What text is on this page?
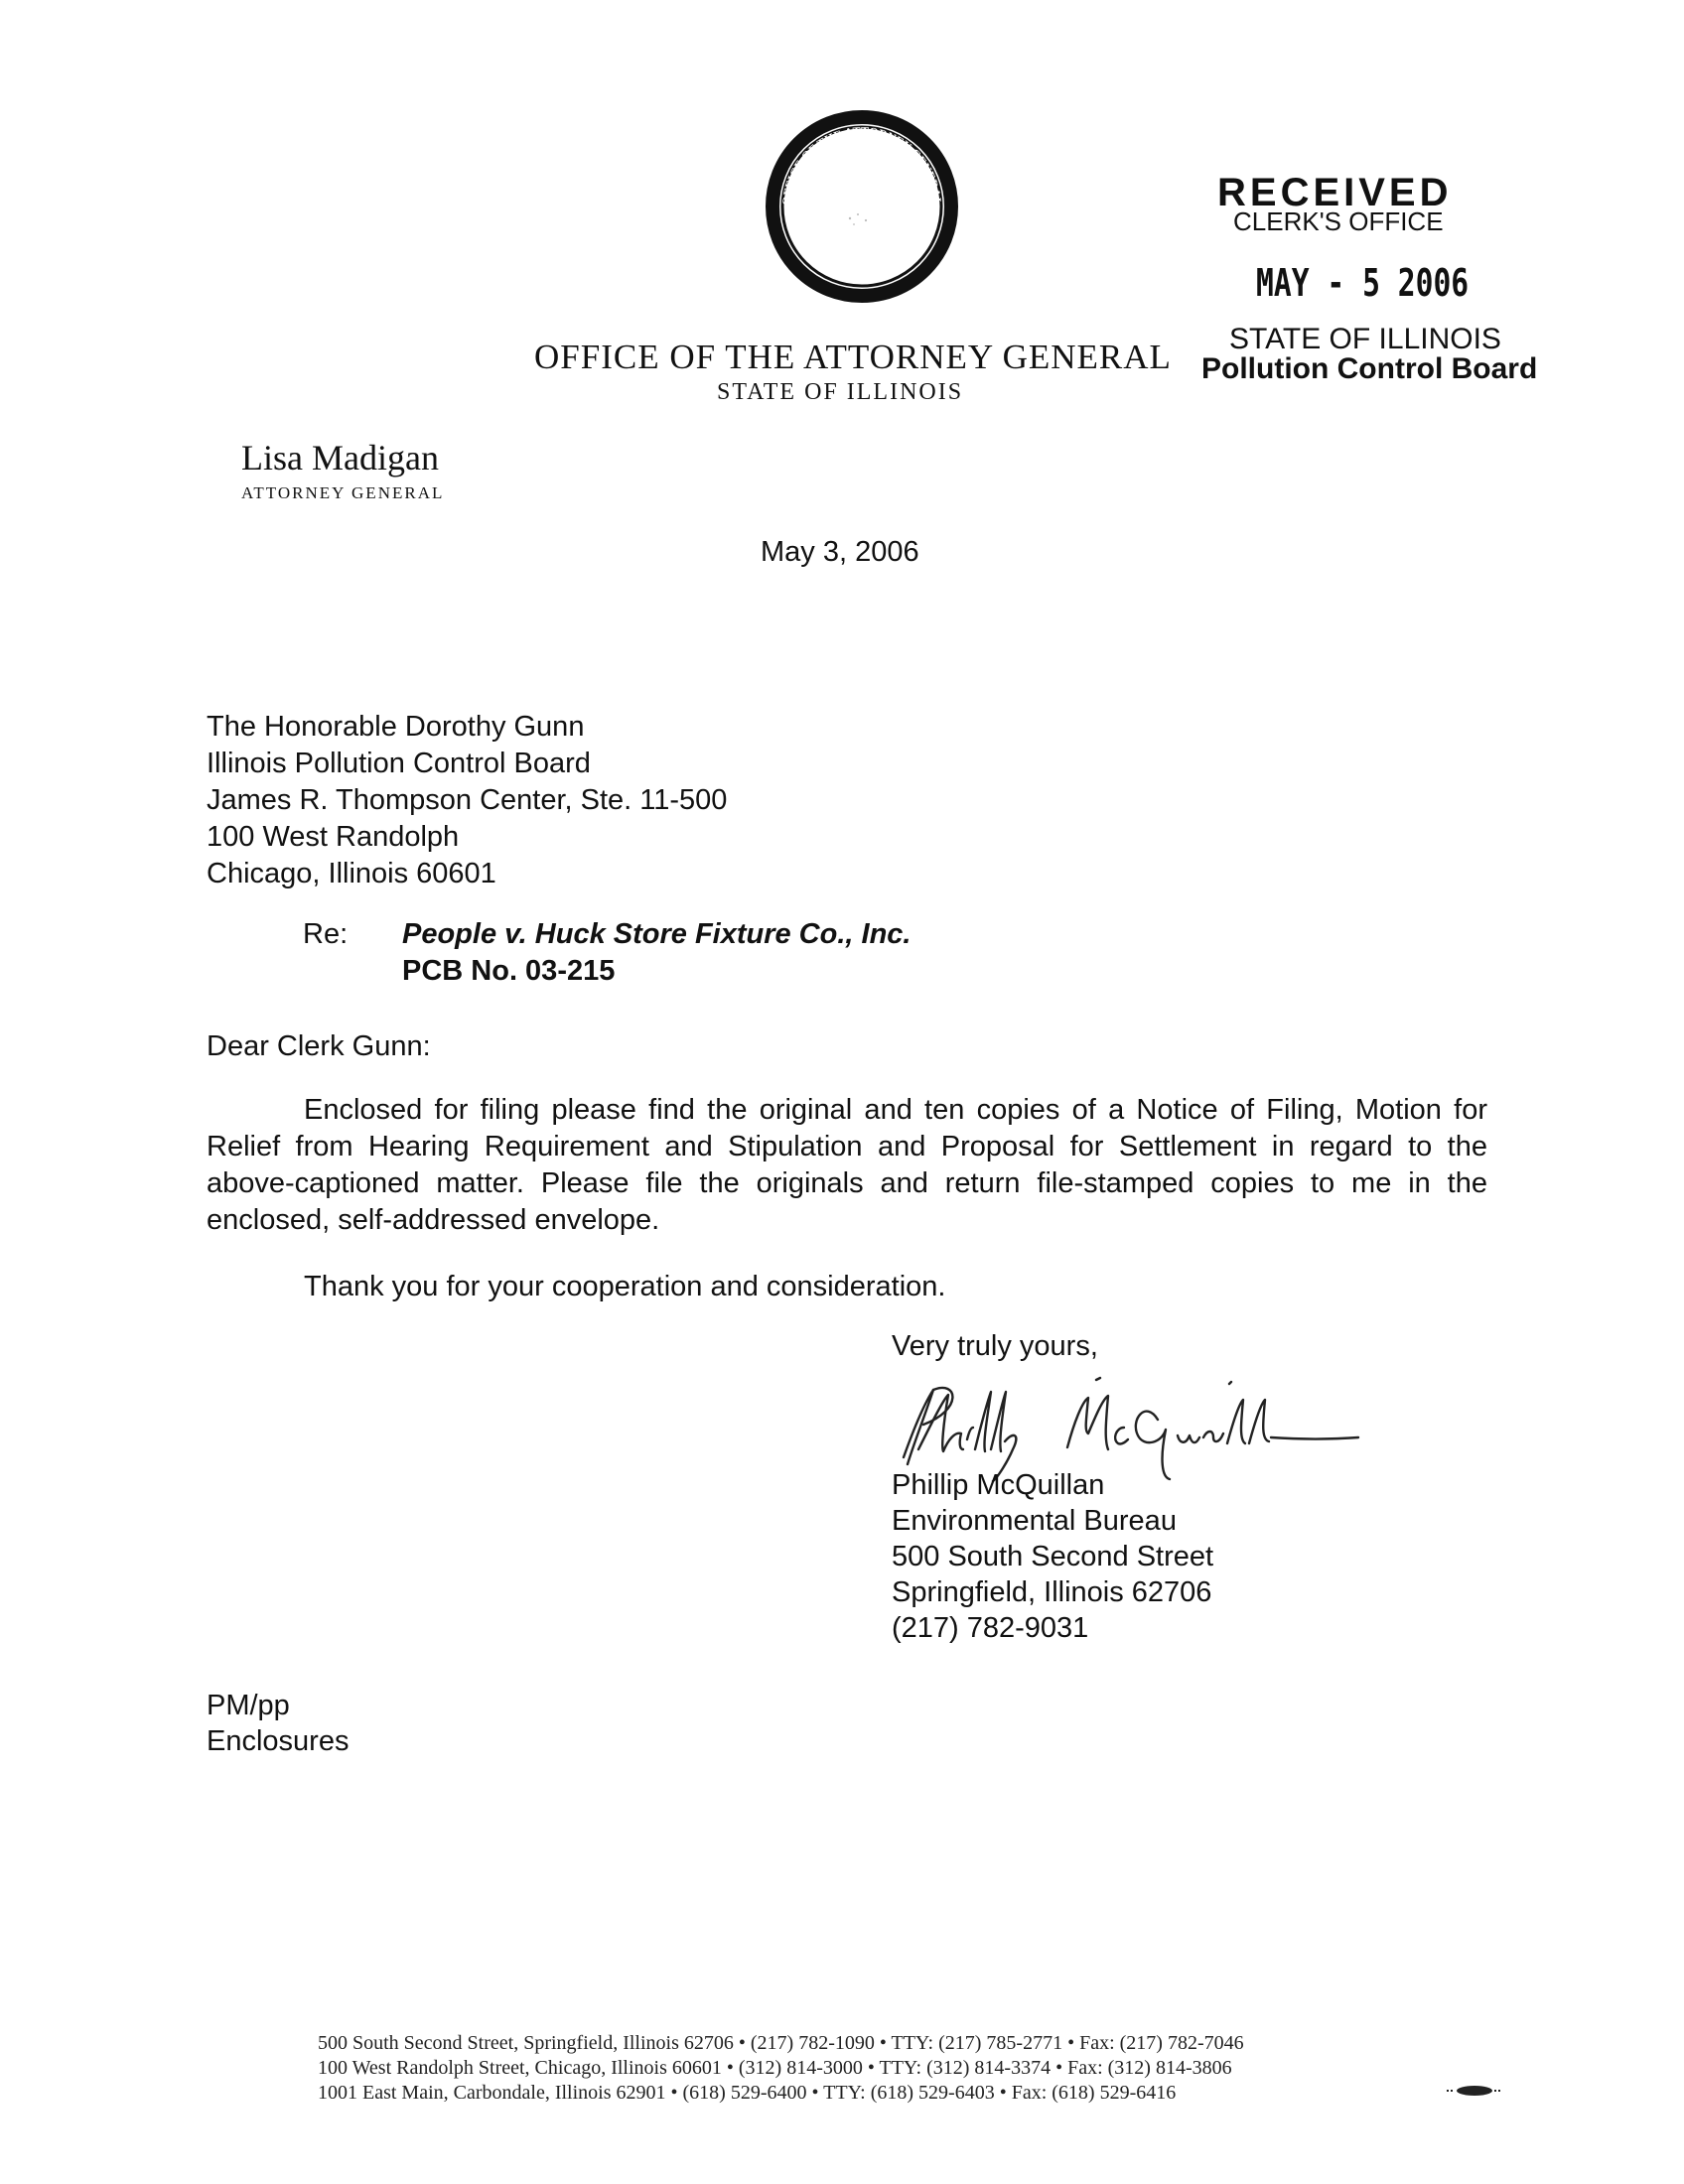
OFFICE OF THE ATTORNEY GENERAL
STATE OF ILLINOIS
RECEIVED
CLERK'S OFFICE
MAY - 5 2006
STATE OF ILLINOIS
Pollution Control Board
OFFICE OF THE ATTORNEY GENERAL
STATE OF ILLINOIS
Lisa Madigan
ATTORNEY GENERAL
May 3, 2006
The Honorable Dorothy Gunn
Illinois Pollution Control Board
James R. Thompson Center, Ste. 11-500
100 West Randolph
Chicago, Illinois 60601
Re: People v. Huck Store Fixture Co., Inc.
PCB No. 03-215
Dear Clerk Gunn:
Enclosed for filing please find the original and ten copies of a Notice of Filing, Motion for Relief from Hearing Requirement and Stipulation and Proposal for Settlement in regard to the above-captioned matter. Please file the originals and return file-stamped copies to me in the enclosed, self-addressed envelope.
Thank you for your cooperation and consideration.
Very truly yours,
Phillip McQuillan
Environmental Bureau
500 South Second Street
Springfield, Illinois 62706
(217) 782-9031
PM/pp
Enclosures
500 South Second Street, Springfield, Illinois 62706 • (217) 782-1090 • TTY: (217) 785-2771 • Fax: (217) 782-7046
100 West Randolph Street, Chicago, Illinois 60601 • (312) 814-3000 • TTY: (312) 814-3374 • Fax: (312) 814-3806
1001 East Main, Carbondale, Illinois 62901 • (618) 529-6400 • TTY: (618) 529-6403 • Fax: (618) 529-6416
